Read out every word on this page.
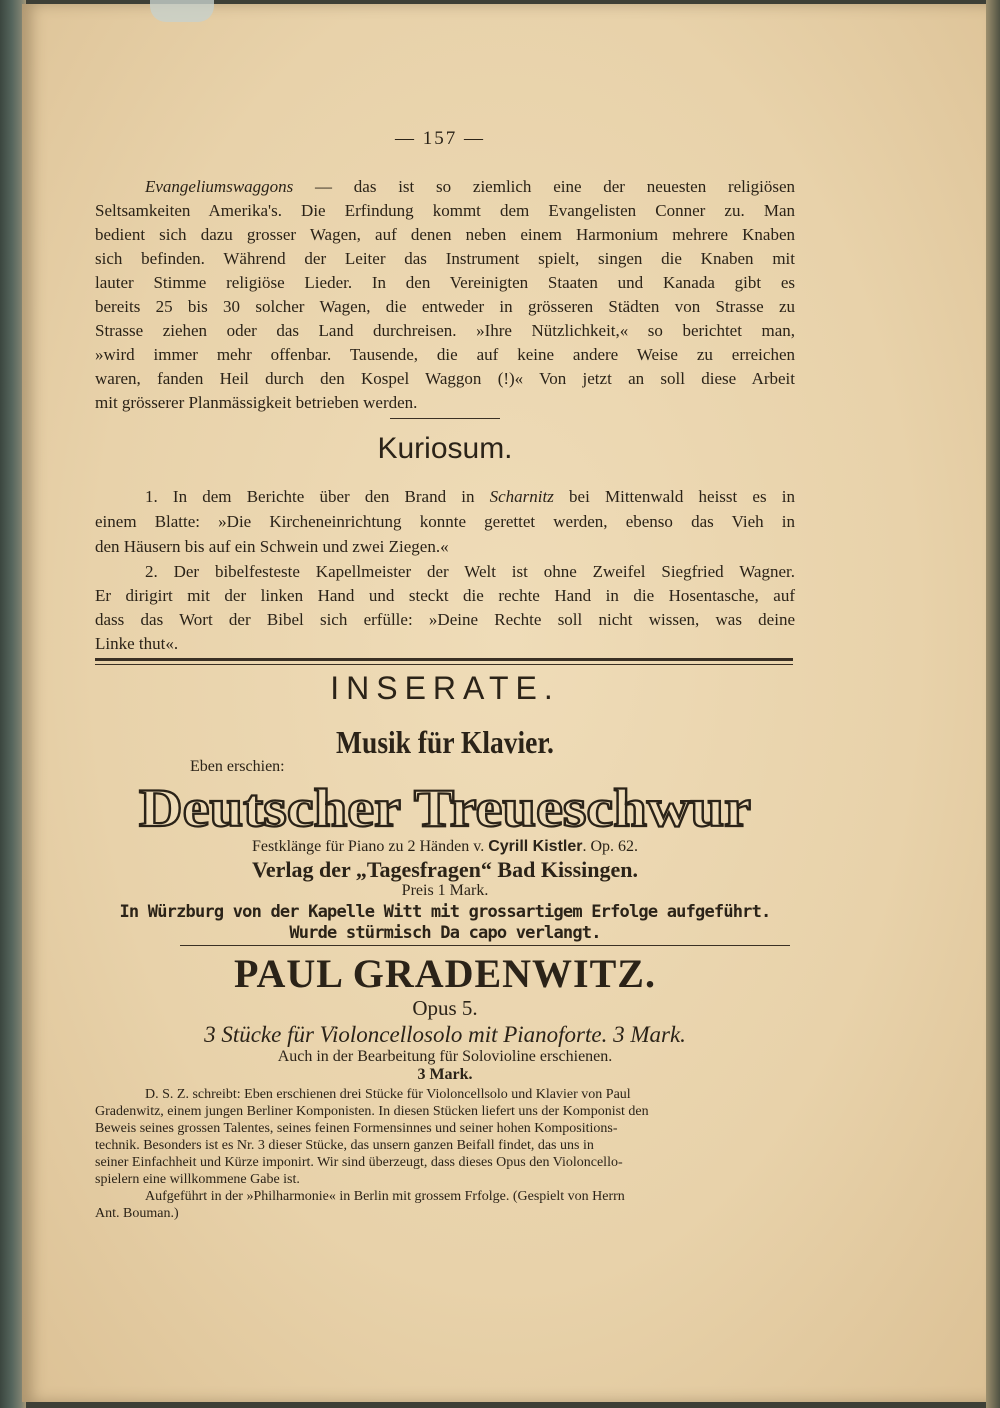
— 157 —
Evangeliumswaggons — das ist so ziemlich eine der neuesten religiösen
Seltsamkeiten Amerika's. Die Erfindung kommt dem Evangelisten Conner zu. Man
bedient sich dazu grosser Wagen, auf denen neben einem Harmonium mehrere Knaben
sich befinden. Während der Leiter das Instrument spielt, singen die Knaben mit
lauter Stimme religiöse Lieder. In den Vereinigten Staaten und Kanada gibt es
bereits 25 bis 30 solcher Wagen, die entweder in grösseren Städten von Strasse zu
Strasse ziehen oder das Land durchreisen. »Ihre Nützlichkeit,« so berichtet man,
»wird immer mehr offenbar. Tausende, die auf keine andere Weise zu erreichen
waren, fanden Heil durch den Kospel Waggon (!)« Von jetzt an soll diese Arbeit
mit grösserer Planmässigkeit betrieben werden.
Kuriosum.
1. In dem Berichte über den Brand in Scharnitz bei Mittenwald heisst es in
einem Blatte: »Die Kircheneinrichtung konnte gerettet werden, ebenso das Vieh in
den Häusern bis auf ein Schwein und zwei Ziegen.«
2. Der bibelfesteste Kapellmeister der Welt ist ohne Zweifel Siegfried Wagner.
Er dirigirt mit der linken Hand und steckt die rechte Hand in die Hosentasche, auf
dass das Wort der Bibel sich erfülle: »Deine Rechte soll nicht wissen, was deine
Linke thut«.
INSERATE.
Musik für Klavier.
Eben erschien:
Deutscher Treueschwur
Festklänge für Piano zu 2 Händen v. Cyrill Kistler. Op. 62.
Verlag der „Tagesfragen“ Bad Kissingen.
Preis 1 Mark.
In Würzburg von der Kapelle Witt mit grossartigem Erfolge aufgeführt.
Wurde stürmisch Da capo verlangt.
PAUL GRADENWITZ.
Opus 5.
3 Stücke für Violoncellosolo mit Pianoforte. 3 Mark.
Auch in der Bearbeitung für Solovioline erschienen.
3 Mark.
D. S. Z. schreibt: Eben erschienen drei Stücke für Violoncellsolo und Klavier von Paul
Gradenwitz, einem jungen Berliner Komponisten. In diesen Stücken liefert uns der Komponist den
Beweis seines grossen Talentes, seines feinen Formensinnes und seiner hohen Kompositions-
technik. Besonders ist es Nr. 3 dieser Stücke, das unsern ganzen Beifall findet, das uns in
seiner Einfachheit und Kürze imponirt. Wir sind überzeugt, dass dieses Opus den Violoncello-
spielern eine willkommene Gabe ist.
Aufgeführt in der »Philharmonie« in Berlin mit grossem Frfolge. (Gespielt von Herrn
Ant. Bouman.)
